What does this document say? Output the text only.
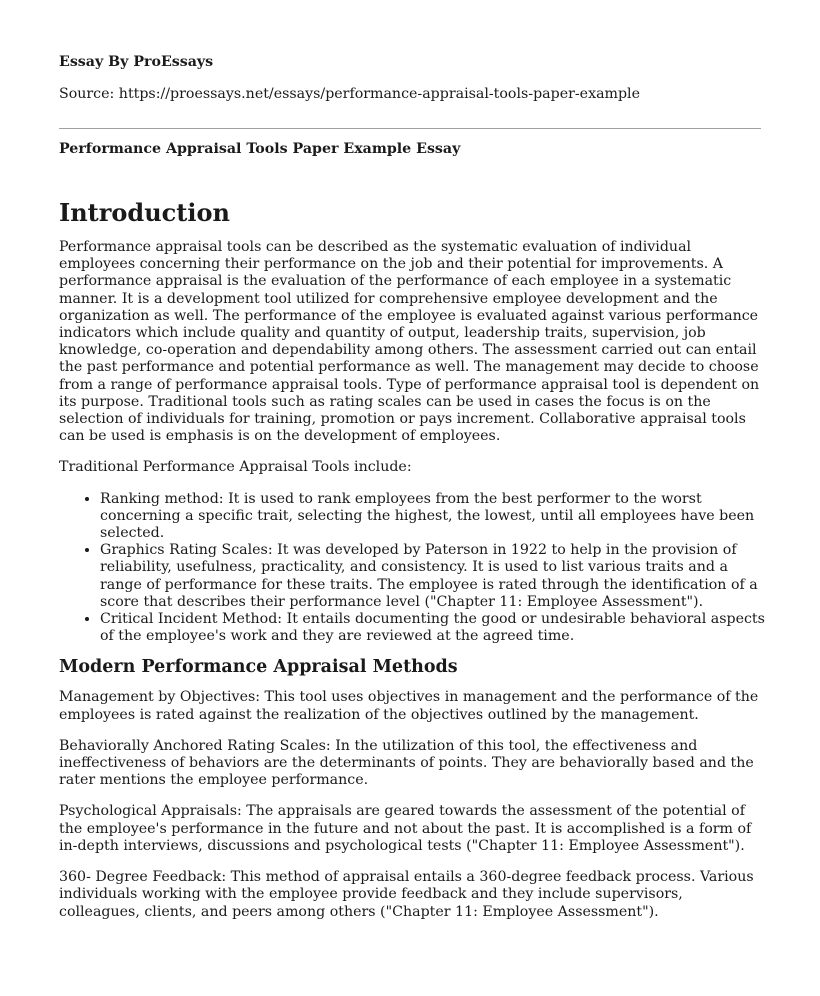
Essay By ProEssays

Source: https://proessays.net/essays/performance-appraisal-tools-paper-example

Performance Appraisal Tools Paper Example Essay

Introduction

Performance appraisal tools can be described as the systematic evaluation of individual employees concerning their performance on the job and their potential for improvements. A performance appraisal is the evaluation of the performance of each employee in a systematic manner. It is a development tool utilized for comprehensive employee development and the organization as well. The performance of the employee is evaluated against various performance indicators which include quality and quantity of output, leadership traits, supervision, job knowledge, co-operation and dependability among others. The assessment carried out can entail the past performance and potential performance as well. The management may decide to choose from a range of performance appraisal tools. Type of performance appraisal tool is dependent on its purpose. Traditional tools such as rating scales can be used in cases the focus is on the selection of individuals for training, promotion or pays increment. Collaborative appraisal tools can be used is emphasis is on the development of employees.

Traditional Performance Appraisal Tools include:

• Ranking method: It is used to rank employees from the best performer to the worst concerning a specific trait, selecting the highest, the lowest, until all employees have been selected.
• Graphics Rating Scales: It was developed by Paterson in 1922 to help in the provision of reliability, usefulness, practicality, and consistency. It is used to list various traits and a range of performance for these traits. The employee is rated through the identification of a score that describes their performance level ("Chapter 11: Employee Assessment").
• Critical Incident Method: It entails documenting the good or undesirable behavioral aspects of the employee's work and they are reviewed at the agreed time.
Modern Performance Appraisal Methods

Management by Objectives: This tool uses objectives in management and the performance of the employees is rated against the realization of the objectives outlined by the management.

Behaviorally Anchored Rating Scales: In the utilization of this tool, the effectiveness and ineffectiveness of behaviors are the determinants of points. They are behaviorally based and the rater mentions the employee performance.

Psychological Appraisals: The appraisals are geared towards the assessment of the potential of the employee's performance in the future and not about the past. It is accomplished is a form of in-depth interviews, discussions and psychological tests ("Chapter 11: Employee Assessment").

360- Degree Feedback: This method of appraisal entails a 360-degree feedback process. Various individuals working with the employee provide feedback and they include supervisors, colleagues, clients, and peers among others ("Chapter 11: Employee Assessment").
